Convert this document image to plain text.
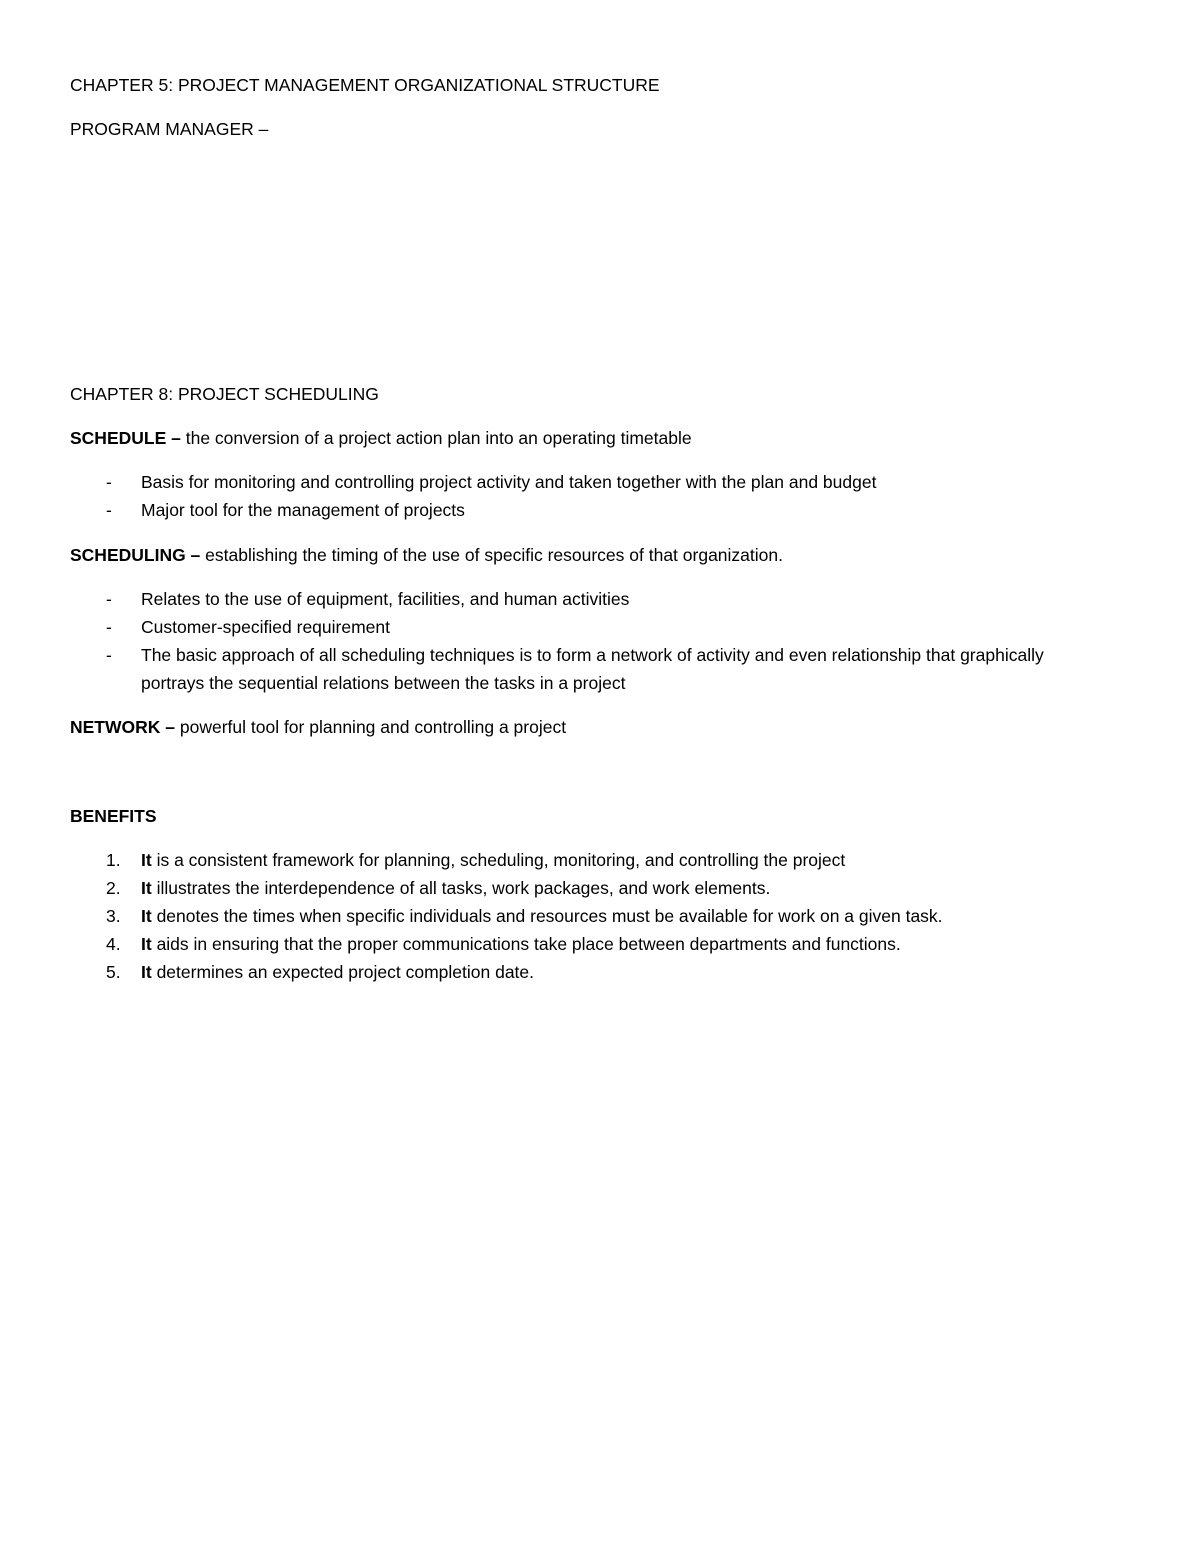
CHAPTER 5: PROJECT MANAGEMENT ORGANIZATIONAL STRUCTURE

PROGRAM MANAGER –

CHAPTER 8: PROJECT SCHEDULING

SCHEDULE – the conversion of a project action plan into an operating timetable

- Basis for monitoring and controlling project activity and taken together with the plan and budget
- Major tool for the management of projects

SCHEDULING – establishing the timing of the use of specific resources of that organization.

- Relates to the use of equipment, facilities, and human activities
- Customer-specified requirement
- The basic approach of all scheduling techniques is to form a network of activity and even relationship that graphically portrays the sequential relations between the tasks in a project

NETWORK – powerful tool for planning and controlling a project

BENEFITS

1. It is a consistent framework for planning, scheduling, monitoring, and controlling the project
2. It illustrates the interdependence of all tasks, work packages, and work elements.
3. It denotes the times when specific individuals and resources must be available for work on a given task.
4. It aids in ensuring that the proper communications take place between departments and functions.
5. It determines an expected project completion date.
